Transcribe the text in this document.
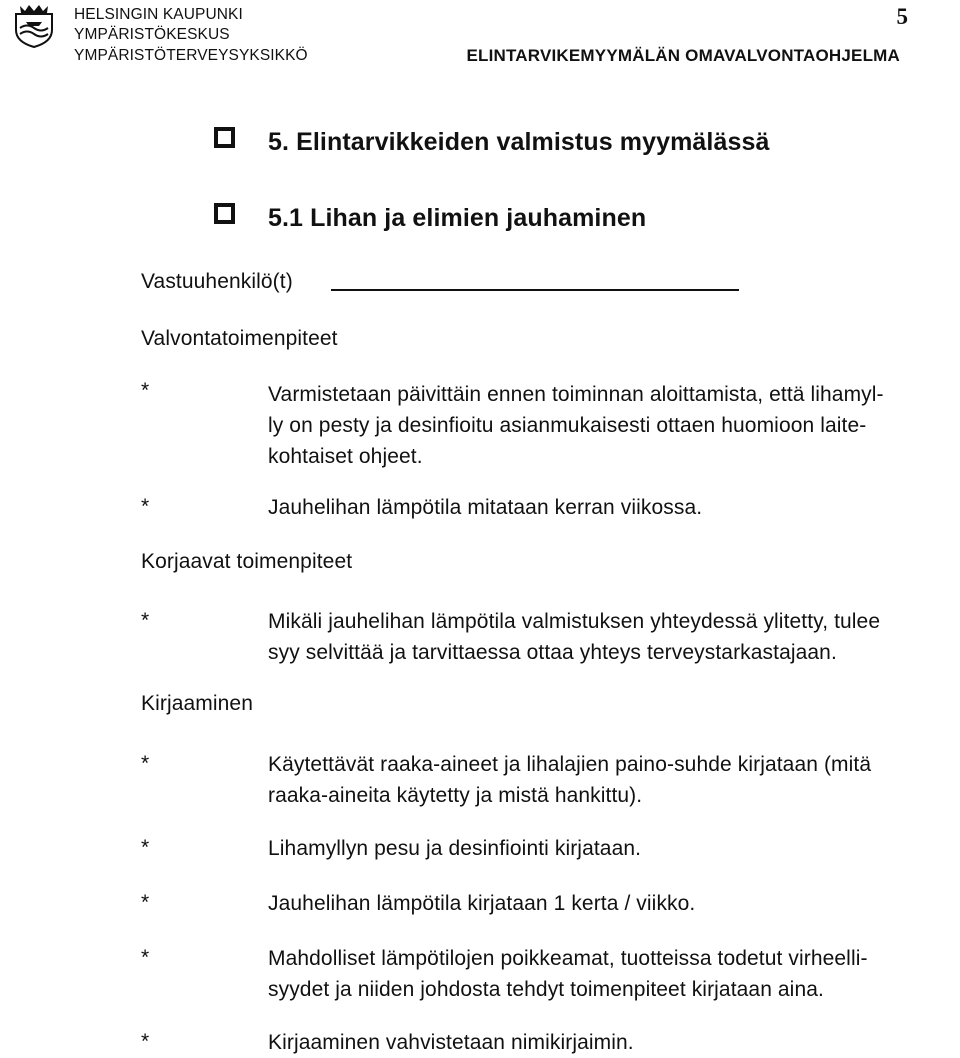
HELSINGIN KAUPUNKI
YMPÄRISTÖKESKUS
YMPÄRISTÖTERVEYSYKSIKKÖ
5
ELINTARVIKEMYYMÄLÄN OMAVALVONTAOHJELMA
5. Elintarvikkeiden valmistus myymälässä
5.1 Lihan ja elimien jauhaminen
Vastuuhenkilö(t)
Valvontatoimenpiteet
*	Varmistetaan päivittäin ennen toiminnan aloittamista, että lihamyl-
ly on pesty ja desinfioitu asianmukaisesti ottaen huomioon laite-
kohtaiset ohjeet.
*	Jauhelihan lämpötila mitataan kerran viikossa.
Korjaavat toimenpiteet
*	Mikäli jauhelihan lämpötila valmistuksen yhteydessä ylitetty, tulee
syy selvittää ja tarvittaessa ottaa yhteys terveystarkastajaan.
Kirjaaminen
*	Käytettävät raaka-aineet ja lihalajien paino-suhde kirjataan (mitä
raaka-aineita käytetty ja mistä hankittu).
*	Lihamyllyn pesu ja desinfiointi kirjataan.
*	Jauhelihan lämpötila kirjataan 1 kerta / viikko.
*	Mahdolliset lämpötilojen poikkeamat, tuotteissa todetut virheelli-
syydet ja niiden johdosta tehdyt toimenpiteet kirjataan aina.
*	Kirjaaminen vahvistetaan nimikirjaimin.
